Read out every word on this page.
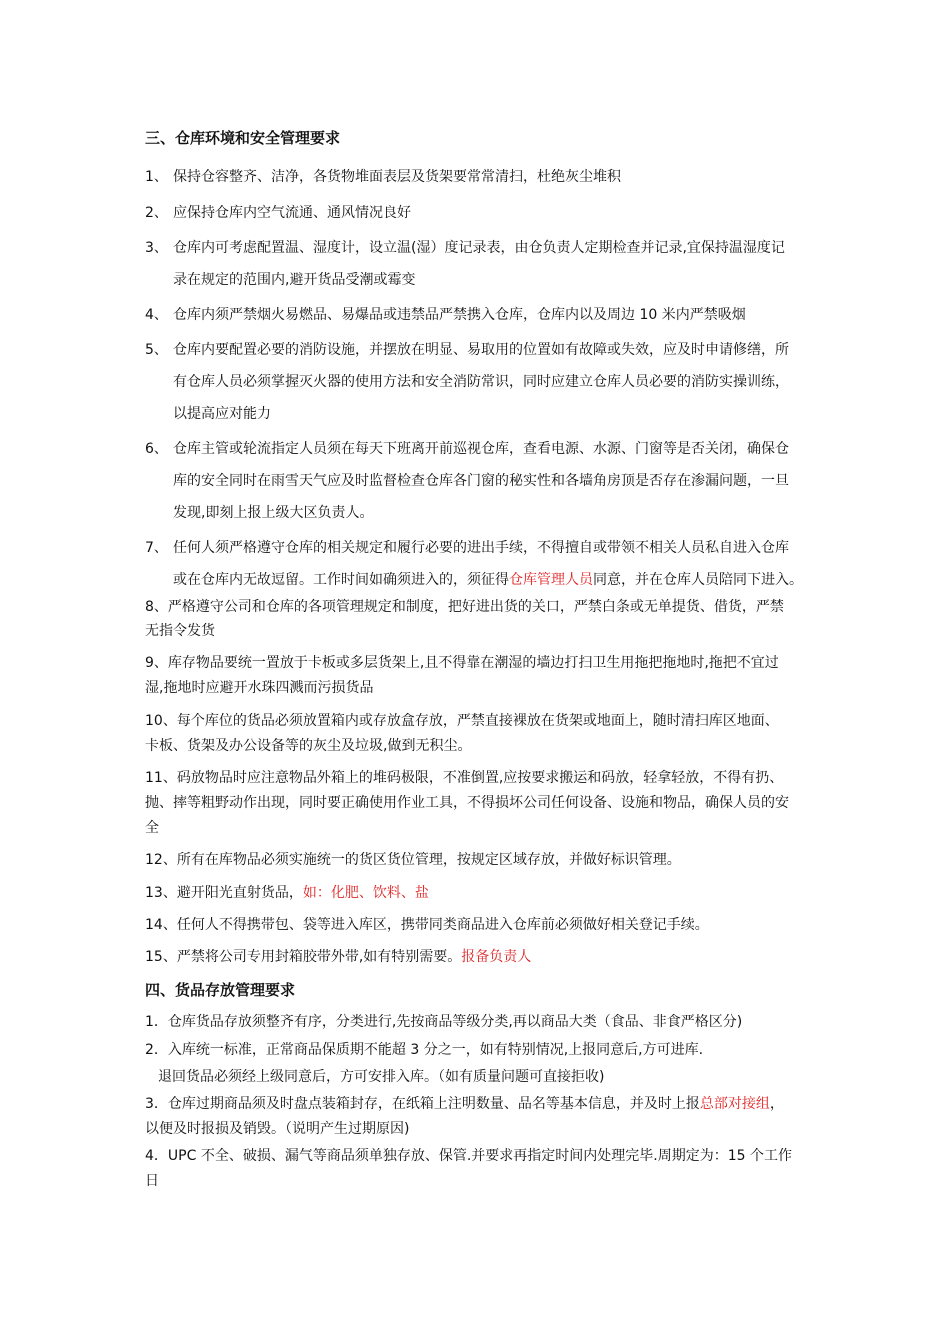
三、仓库环境和安全管理要求
1、 保持仓容整齐、洁净，各货物堆面表层及货架要常常清扫，杜绝灰尘堆积
2、 应保持仓库内空气流通、通风情况良好
3、 仓库内可考虑配置温、湿度计，设立温(湿）度记录表，由仓负责人定期检查并记录,宜保持温湿度记
录在规定的范围内,避开货品受潮或霉变
4、 仓库内须严禁烟火易燃品、易爆品或违禁品严禁携入仓库，仓库内以及周边 10 米内严禁吸烟
5、 仓库内要配置必要的消防设施，并摆放在明显、易取用的位置如有故障或失效，应及时申请修缮，所
有仓库人员必须掌握灭火器的使用方法和安全消防常识，同时应建立仓库人员必要的消防实操训练，
以提高应对能力
6、 仓库主管或轮流指定人员须在每天下班离开前巡视仓库，查看电源、水源、门窗等是否关闭，确保仓
库的安全同时在雨雪天气应及时监督检查仓库各门窗的秘实性和各墙角房顶是否存在渗漏问题，一旦
发现,即刻上报上级大区负责人。
7、 任何人须严格遵守仓库的相关规定和履行必要的进出手续，不得擅自或带领不相关人员私自进入仓库
或在仓库内无故逗留。工作时间如确须进入的，须征得仓库管理人员同意，并在仓库人员陪同下进入。
8、严格遵守公司和仓库的各项管理规定和制度，把好进出货的关口，严禁白条或无单提货、借货，严禁
无指令发货
9、库存物品要统一置放于卡板或多层货架上,且不得靠在潮湿的墙边打扫卫生用拖把拖地时,拖把不宜过
湿,拖地时应避开水珠四溅而污损货品
10、每个库位的货品必须放置箱内或存放盒存放，严禁直接裸放在货架或地面上，随时清扫库区地面、
卡板、货架及办公设备等的灰尘及垃圾,做到无积尘。
11、码放物品时应注意物品外箱上的堆码极限，不准倒置,应按要求搬运和码放，轻拿轻放，不得有扔、
抛、摔等粗野动作出现，同时要正确使用作业工具，不得损坏公司任何设备、设施和物品，确保人员的安
全
12、所有在库物品必须实施统一的货区货位管理，按规定区域存放，并做好标识管理。
13、避开阳光直射货品，如：化肥、饮料、盐
14、任何人不得携带包、袋等进入库区，携带同类商品进入仓库前必须做好相关登记手续。
15、严禁将公司专用封箱胶带外带,如有特别需要。报备负责人
四、货品存放管理要求
1．仓库货品存放须整齐有序，分类进行,先按商品等级分类,再以商品大类（食品、非食严格区分)
2．入库统一标准，正常商品保质期不能超 3 分之一，如有特别情况,上报同意后,方可进库.
退回货品必须经上级同意后，方可安排入库。（如有质量问题可直接拒收)
3．仓库过期商品须及时盘点装箱封存，在纸箱上注明数量、品名等基本信息，并及时上报总部对接组，
以便及时报损及销毁。（说明产生过期原因)
4．UPC 不全、破损、漏气等商品须单独存放、保管.并要求再指定时间内处理完毕.周期定为：15 个工作
日
